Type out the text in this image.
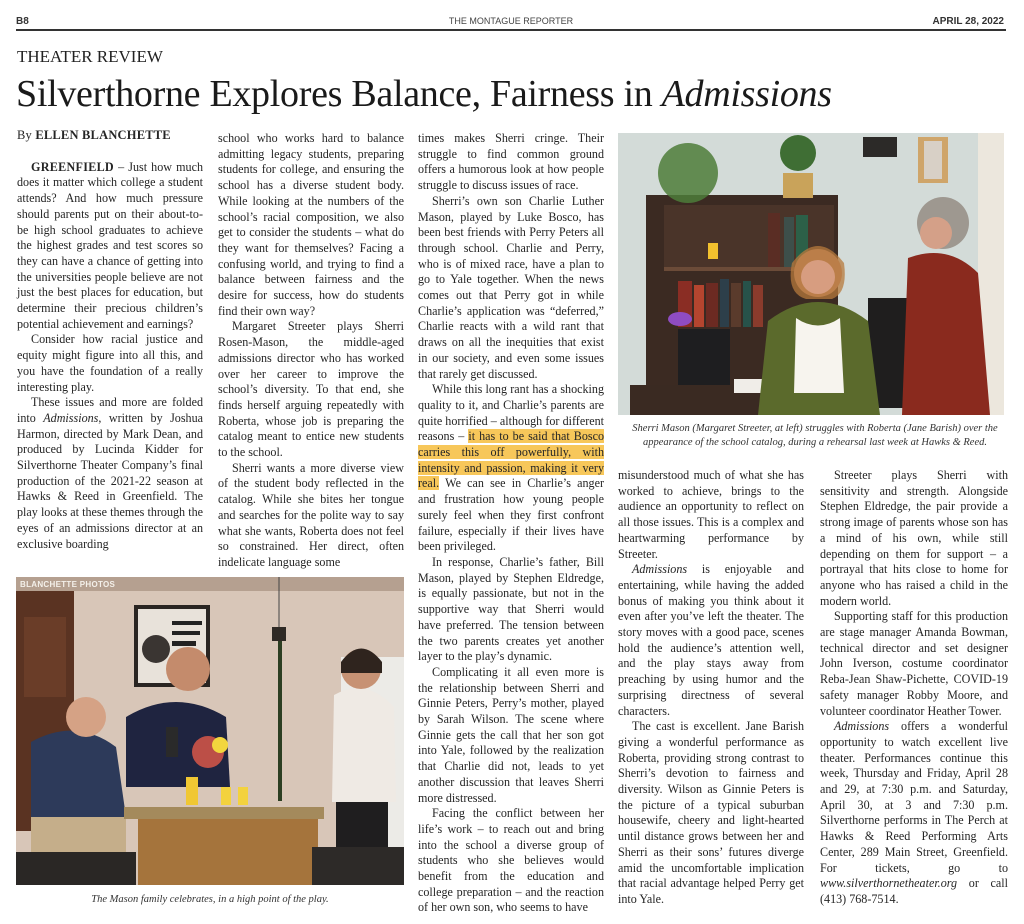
B8	THE MONTAGUE REPORTER	APRIL 28, 2022
THEATER REVIEW
Silverthorne Explores Balance, Fairness in Admissions
By ELLEN BLANCHETTE

GREENFIELD – Just how much does it matter which college a student attends? And how much pressure should parents put on their about-to-be high school graduates to achieve the highest grades and test scores so they can have a chance of getting into the universities people believe are not just the best places for education, but determine their precious children’s potential achievement and earnings?

Consider how racial justice and equity might figure into all this, and you have the foundation of a really interesting play.

These issues and more are folded into Admissions, written by Joshua Harmon, directed by Mark Dean, and produced by Lucinda Kidder for Silverthorne Theater Company’s final production of the 2021-22 season at Hawks & Reed in Greenfield. The play looks at these themes through the eyes of an admissions director at an exclusive boarding

school who works hard to balance admitting legacy students, preparing students for college, and ensuring the school has a diverse student body. While looking at the numbers of the school’s racial composition, we also get to consider the students – what do they want for themselves? Facing a confusing world, and trying to find a balance between fairness and the desire for success, how do students find their own way?

Margaret Streeter plays Sherri Rosen-Mason, the middle-aged admissions director who has worked over her career to improve the school’s diversity. To that end, she finds herself arguing repeatedly with Roberta, whose job is preparing the catalog meant to entice new students to the school.

Sherri wants a more diverse view of the student body reflected in the catalog. While she bites her tongue and searches for the polite way to say what she wants, Roberta does not feel so constrained. Her direct, often indelicate language some

times makes Sherri cringe. Their struggle to find common ground offers a humorous look at how people struggle to discuss issues of race.

Sherri’s own son Charlie Luther Mason, played by Luke Bosco, has been best friends with Perry Peters all through school. Charlie and Perry, who is of mixed race, have a plan to go to Yale together. When the news comes out that Perry got in while Charlie’s application was “deferred,” Charlie reacts with a wild rant that draws on all the inequities that exist in our society, and even some issues that rarely get discussed.

While this long rant has a shocking quality to it, and Charlie’s parents are quite horrified – although for different reasons – it has to be said that Bosco carries this off powerfully, with intensity and passion, making it very real. We can see in Charlie’s anger and frustration how young people surely feel when they first confront failure, especially if their lives have been privileged.

In response, Charlie’s father, Bill Mason, played by Stephen Eldredge, is equally passionate, but not in the supportive way that Sherri would have preferred. The tension between the two parents creates yet another layer to the play’s dynamic.

Complicating it all even more is the relationship between Sherri and Ginnie Peters, Perry’s mother, played by Sarah Wilson. The scene where Ginnie gets the call that her son got into Yale, followed by the realization that Charlie did not, leads to yet another discussion that leaves Sherri more distressed.

Facing the conflict between her life’s work – to reach out and bring into the school a diverse group of students who she believes would benefit from the education and college preparation – and the reaction of her own son, who seems to have

Sherri Mason (Margaret Streeter, at left) struggles with Roberta (Jane Barish) over the appearance of the school catalog, during a rehearsal last week at Hawks & Reed.
BLANCHETTE PHOTOS
The Mason family celebrates, in a high point of the play.

misunderstood much of what she has worked to achieve, brings to the audience an opportunity to reflect on all those issues. This is a complex and heartwarming performance by Streeter.

Admissions is enjoyable and entertaining, while having the added bonus of making you think about it even after you’ve left the theater. The story moves with a good pace, scenes hold the audience’s attention well, and the play stays away from preaching by using humor and the surprising directness of several characters.

The cast is excellent. Jane Barish giving a wonderful performance as Roberta, providing strong contrast to Sherri’s devotion to fairness and diversity. Wilson as Ginnie Peters is the picture of a typical suburban housewife, cheery and light-hearted until distance grows between her and Sherri as their sons’ futures diverge amid the uncomfortable implication that racial advantage helped Perry get into Yale.

Streeter plays Sherri with sensitivity and strength. Alongside Stephen Eldredge, the pair provide a strong image of parents whose son has a mind of his own, while still depending on them for support – a portrayal that hits close to home for anyone who has raised a child in the modern world.

Supporting staff for this production are stage manager Amanda Bowman, technical director and set designer John Iverson, costume coordinator Reba-Jean Shaw-Pichette, COVID-19 safety manager Robby Moore, and volunteer coordinator Heather Tower.

Admissions offers a wonderful opportunity to watch excellent live theater. Performances continue this week, Thursday and Friday, April 28 and 29, at 7:30 p.m. and Saturday, April 30, at 3 and 7:30 p.m. Silverthorne performs in The Perch at Hawks & Reed Performing Arts Center, 289 Main Street, Greenfield. For tickets, go to www.silverthornetheater.org or call (413) 768-7514.
